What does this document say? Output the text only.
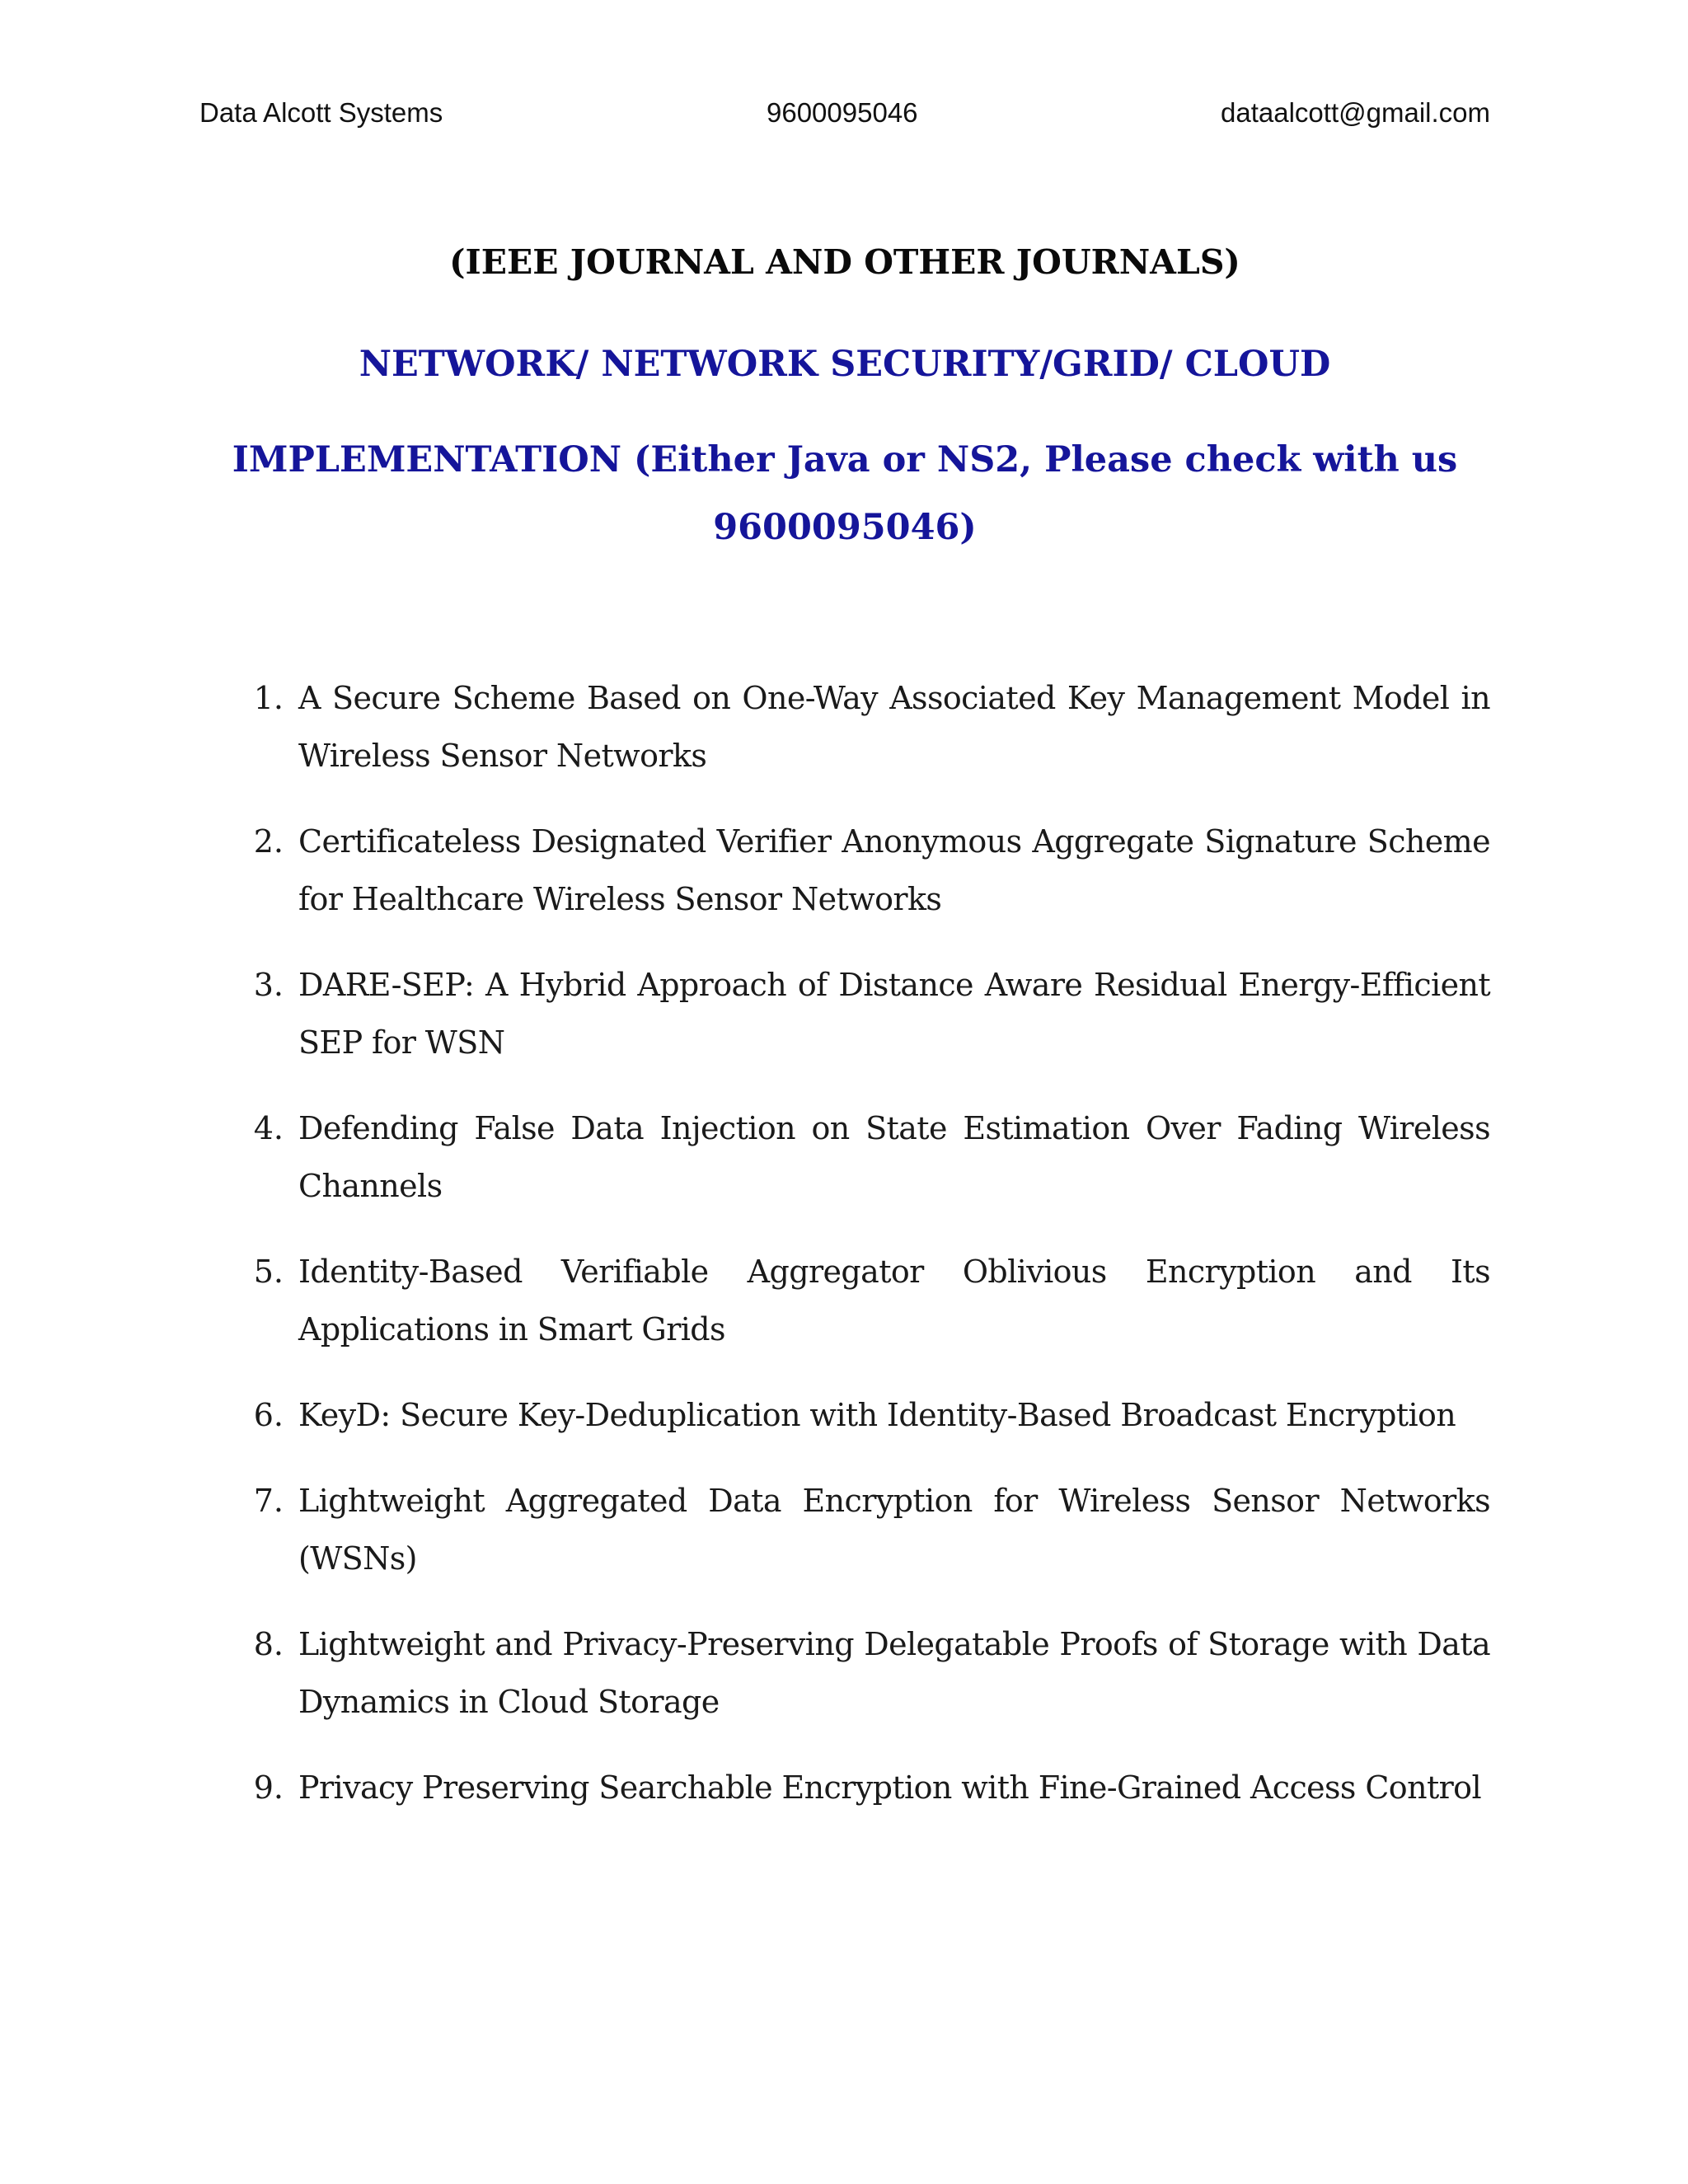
Data Alcott Systems	9600095046	dataalcott@gmail.com

(IEEE JOURNAL AND OTHER JOURNALS)

NETWORK/ NETWORK SECURITY/GRID/ CLOUD

IMPLEMENTATION (Either Java or NS2, Please check with us 9600095046)

1. A Secure Scheme Based on One-Way Associated Key Management Model in Wireless Sensor Networks

2. Certificateless Designated Verifier Anonymous Aggregate Signature Scheme for Healthcare Wireless Sensor Networks

3. DARE-SEP: A Hybrid Approach of Distance Aware Residual Energy-Efficient SEP for WSN

4. Defending False Data Injection on State Estimation Over Fading Wireless Channels

5. Identity-Based Verifiable Aggregator Oblivious Encryption and Its Applications in Smart Grids

6. KeyD: Secure Key-Deduplication with Identity-Based Broadcast Encryption

7. Lightweight Aggregated Data Encryption for Wireless Sensor Networks (WSNs)

8. Lightweight and Privacy-Preserving Delegatable Proofs of Storage with Data Dynamics in Cloud Storage

9. Privacy Preserving Searchable Encryption with Fine-Grained Access Control
